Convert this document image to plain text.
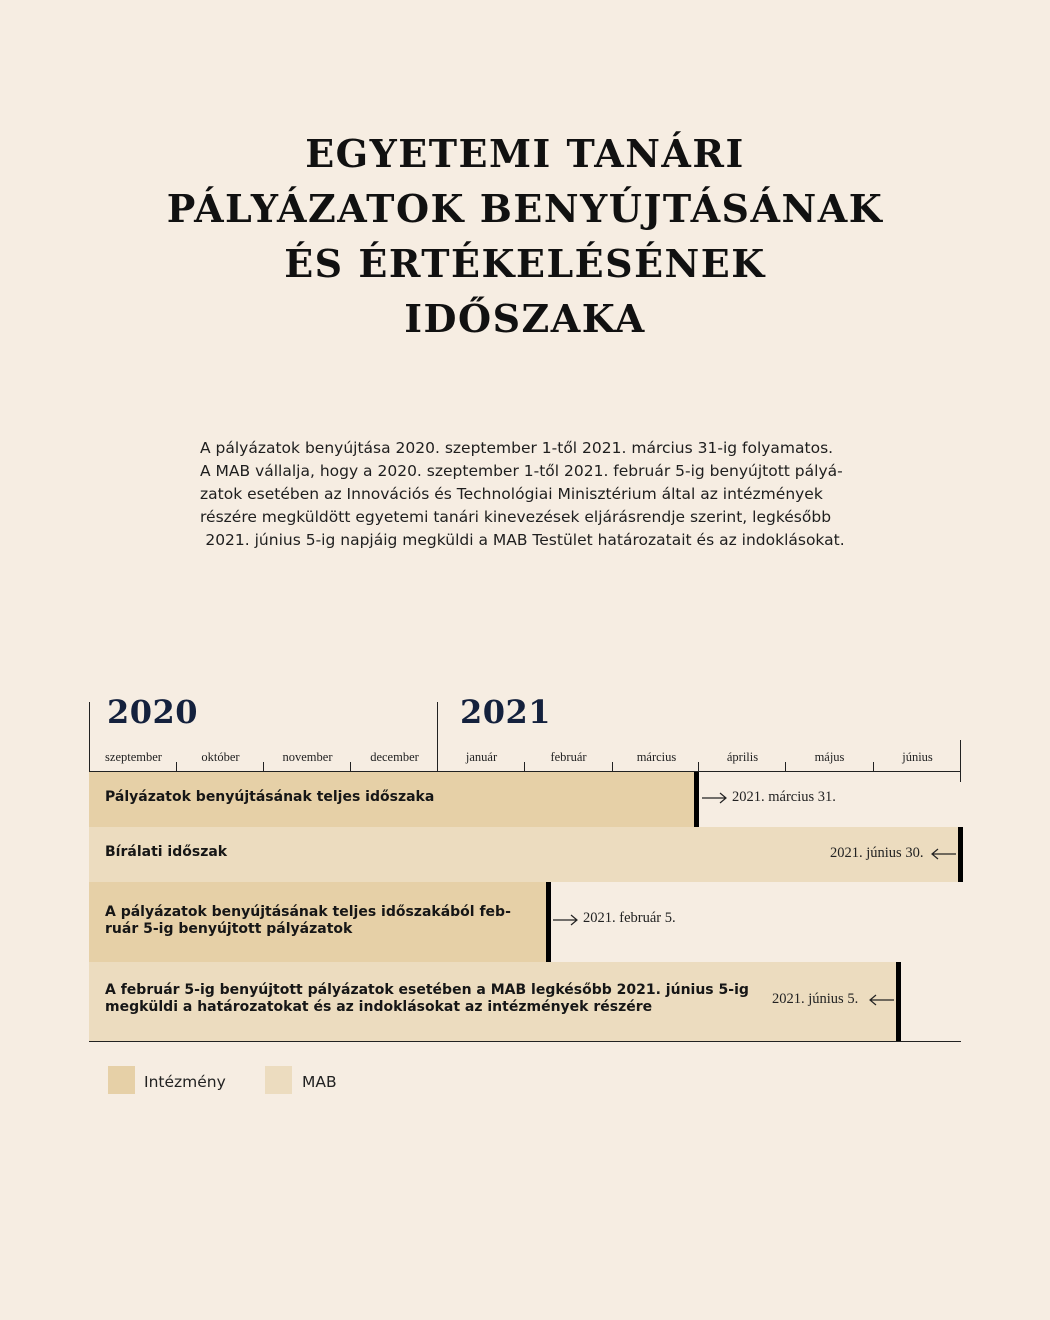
EGYETEMI TANÁRI
PÁLYÁZATOK BENYÚJTÁSÁNAK
ÉS ÉRTÉKELÉSÉNEK
IDŐSZAKA
A pályázatok benyújtása 2020. szeptember 1-től 2021. március 31-ig folyamatos.
A MAB vállalja, hogy a 2020. szeptember 1-től 2021. február 5-ig benyújtott pályá-
zatok esetében az Innovációs és Technológiai Minisztérium által az intézmények
részére megküldött egyetemi tanári kinevezések eljárásrendje szerint, legkésőbb
2021. június 5-ig napjáig megküldi a MAB Testület határozatait és az indoklásokat.
2020	2021
szeptember	október	november	december	január	február	március	április	május	június
Pályázatok benyújtásának teljes időszaka	2021. március 31.
Bírálati időszak	2021. június 30.
A pályázatok benyújtásának teljes időszakából feb-
ruár 5-ig benyújtott pályázatok
2021. február 5.
A február 5-ig benyújtott pályázatok esetében a MAB legkésőbb 2021. június 5-ig
megküldi a határozatokat és az indoklásokat az intézmények részére	2021. június 5.
Intézmény	MAB
